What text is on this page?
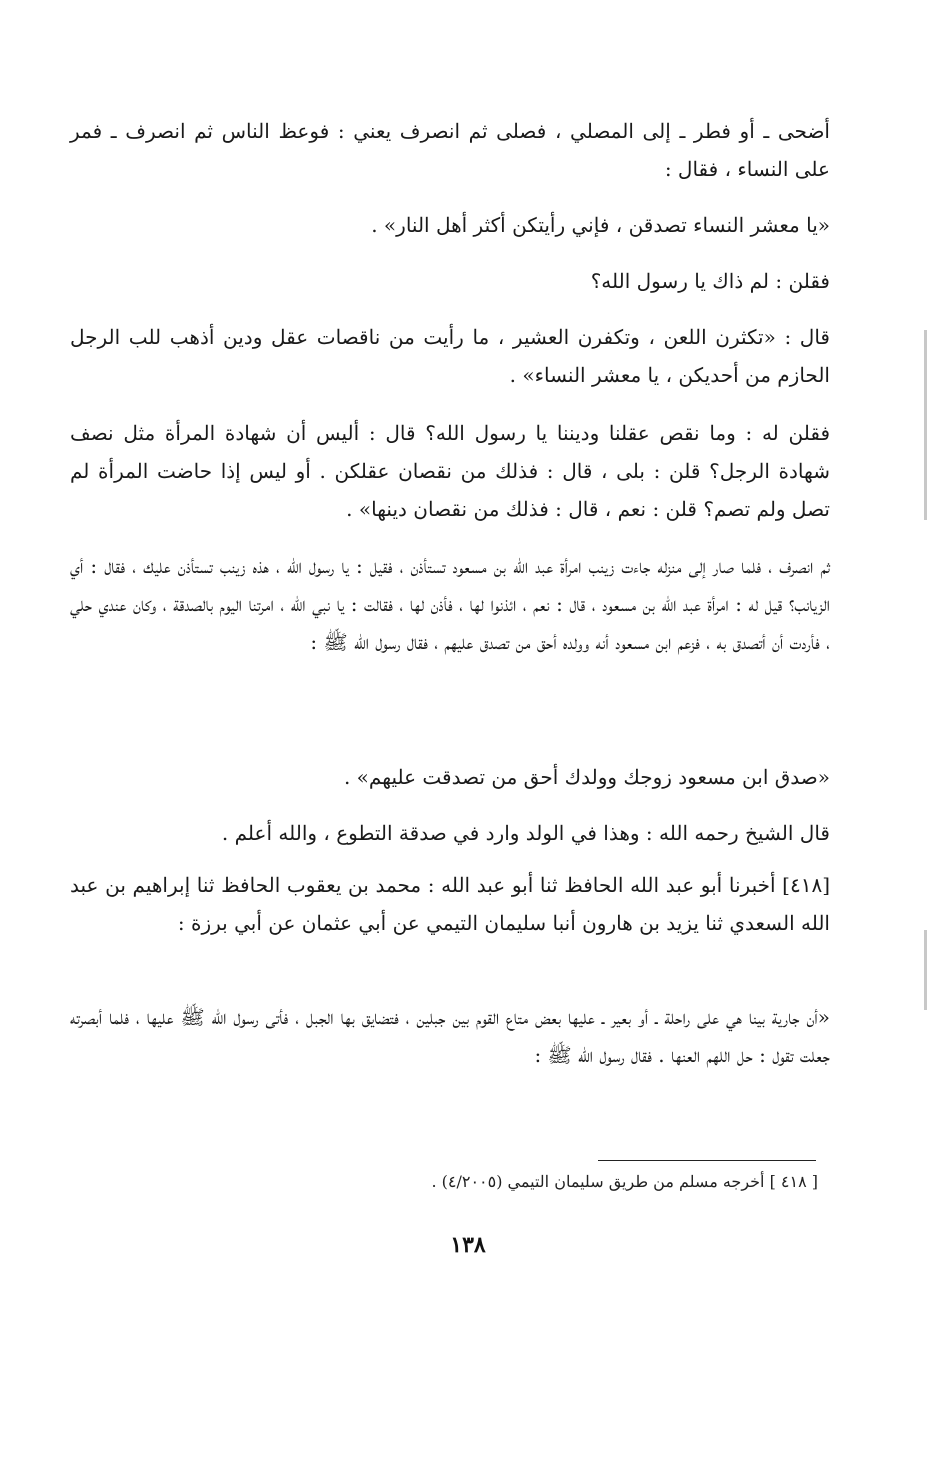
أضحى ـ أو فطر ـ إلى المصلي ، فصلى ثم انصرف يعني : فوعظ الناس ثم انصرف ـ فمر على النساء ، فقال :

«يا معشر النساء تصدقن ، فإني رأيتكن أكثر أهل النار» .

فقلن : لم ذاك يا رسول الله؟

قال : «تكثرن اللعن ، وتكفرن العشير ، ما رأيت من ناقصات عقل ودين أذهب للب الرجل الحازم من أحديكن ، يا معشر النساء» .

فقلن له : وما نقص عقلنا وديننا يا رسول الله؟ قال : أليس أن شهادة المرأة مثل نصف شهادة الرجل؟ قلن : بلى ، قال : فذلك من نقصان عقلكن . أو ليس إذا حاضت المرأة لم تصل ولم تصم؟ قلن : نعم ، قال : فذلك من نقصان دينها» .

ثم انصرف ، فلما صار إلى منزله جاءت زينب امرأة عبد الله بن مسعود تستأذن ، فقيل : يا رسول الله ، هذه زينب تستأذن عليك ، فقال : أي الزيانب؟ قيل له : امرأة عبد الله بن مسعود ، قال : نعم ، ائذنوا لها ، فأذن لها ، فقالت : يا نبي الله ، امرتنا اليوم بالصدقة ، وكان عندي حلي ، فأردت أن أتصدق به ، فزعم ابن مسعود أنه وولده أحق من تصدق عليهم ، فقال رسول الله ﷺ :

«صدق ابن مسعود زوجك وولدك أحق من تصدقت عليهم» .

قال الشيخ رحمه الله : وهذا في الولد وارد في صدقة التطوع ، والله أعلم .

[٤١٨] أخبرنا أبو عبد الله الحافظ ثنا أبو عبد الله : محمد بن يعقوب الحافظ ثنا إبراهيم بن عبد الله السعدي ثنا يزيد بن هارون أنبا سليمان التيمي عن أبي عثمان عن أبي برزة :

«أن جارية بينا هي على راحلة ـ أو بعير ـ عليها بعض متاع القوم بين جبلين ، فتضايق بها الجبل ، فأتى رسول الله ﷺ عليها ، فلما أبصرته جعلت تقول : حل اللهم العنها . فقال رسول الله ﷺ :

[ ٤١٨ ] أخرجه مسلم من طريق سليمان التيمي (٤/٢٠٠٥) .
١٣٨
